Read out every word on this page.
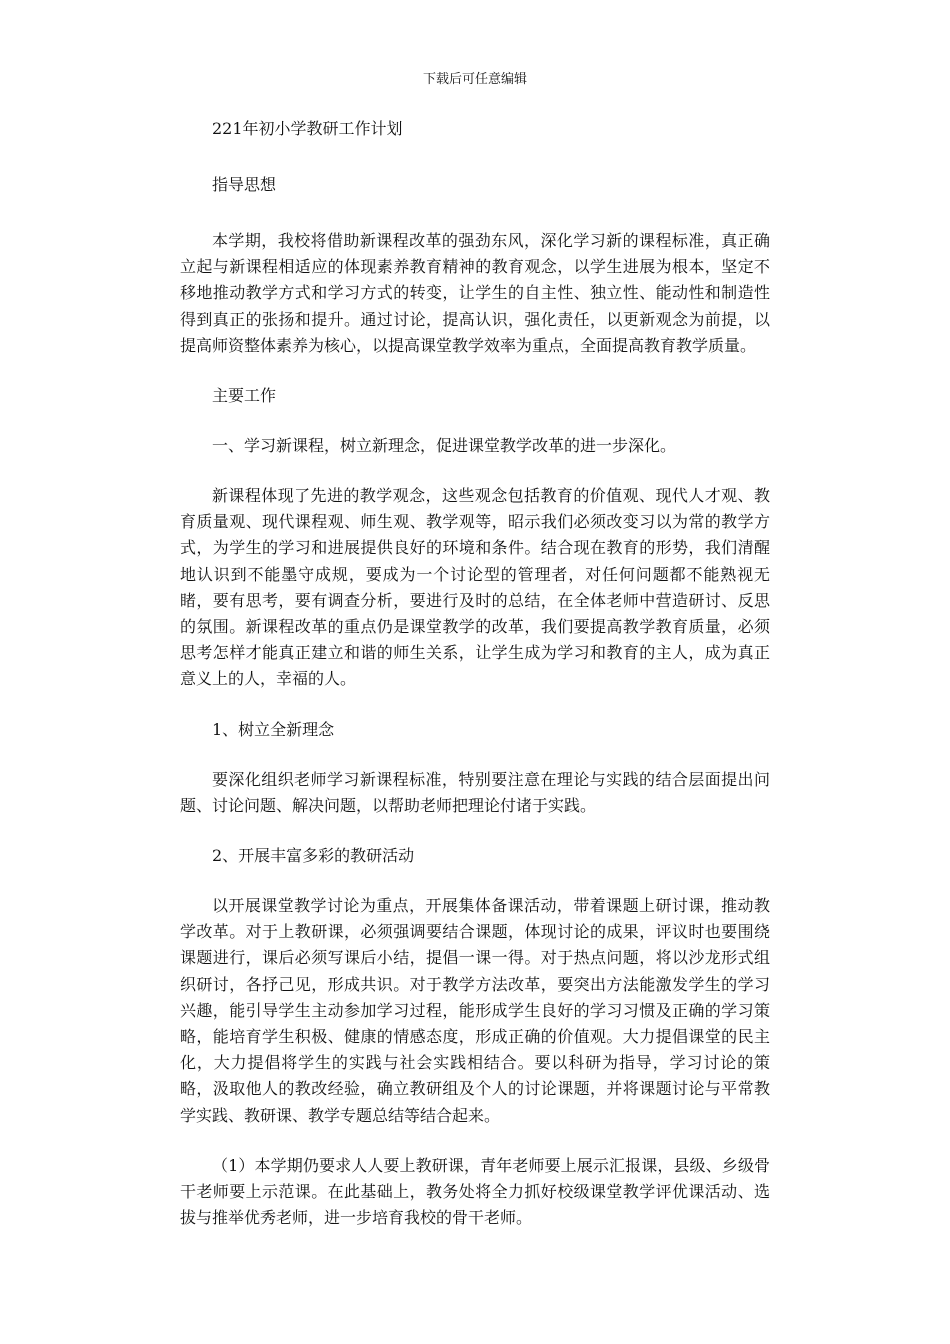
下载后可任意编辑

221年初小学教研工作计划

指导思想

本学期，我校将借助新课程改革的强劲东风，深化学习新的课程标准，真正确立起与新课程相适应的体现素养教育精神的教育观念，以学生进展为根本，坚定不移地推动教学方式和学习方式的转变，让学生的自主性、独立性、能动性和制造性得到真正的张扬和提升。通过讨论，提高认识，强化责任，以更新观念为前提，以提高师资整体素养为核心，以提高课堂教学效率为重点，全面提高教育教学质量。

主要工作

一、学习新课程，树立新理念，促进课堂教学改革的进一步深化。

新课程体现了先进的教学观念，这些观念包括教育的价值观、现代人才观、教育质量观、现代课程观、师生观、教学观等，昭示我们必须改变习以为常的教学方式，为学生的学习和进展提供良好的环境和条件。结合现在教育的形势，我们清醒地认识到不能墨守成规，要成为一个讨论型的管理者，对任何问题都不能熟视无睹，要有思考，要有调查分析，要进行及时的总结，在全体老师中营造研讨、反思的氛围。新课程改革的重点仍是课堂教学的改革，我们要提高教学教育质量，必须思考怎样才能真正建立和谐的师生关系，让学生成为学习和教育的主人，成为真正意义上的人，幸福的人。

1、树立全新理念

要深化组织老师学习新课程标准，特别要注意在理论与实践的结合层面提出问题、讨论问题、解决问题，以帮助老师把理论付诸于实践。

2、开展丰富多彩的教研活动

以开展课堂教学讨论为重点，开展集体备课活动，带着课题上研讨课，推动教学改革。对于上教研课，必须强调要结合课题，体现讨论的成果，评议时也要围绕课题进行，课后必须写课后小结，提倡一课一得。对于热点问题，将以沙龙形式组织研讨，各抒己见，形成共识。对于教学方法改革，要突出方法能激发学生的学习兴趣，能引导学生主动参加学习过程，能形成学生良好的学习习惯及正确的学习策略，能培育学生积极、健康的情感态度，形成正确的价值观。大力提倡课堂的民主化，大力提倡将学生的实践与社会实践相结合。要以科研为指导，学习讨论的策略，汲取他人的教改经验，确立教研组及个人的讨论课题，并将课题讨论与平常教学实践、教研课、教学专题总结等结合起来。

（1）本学期仍要求人人要上教研课，青年老师要上展示汇报课，县级、乡级骨干老师要上示范课。在此基础上，教务处将全力抓好校级课堂教学评优课活动、选拔与推举优秀老师，进一步培育我校的骨干老师。
